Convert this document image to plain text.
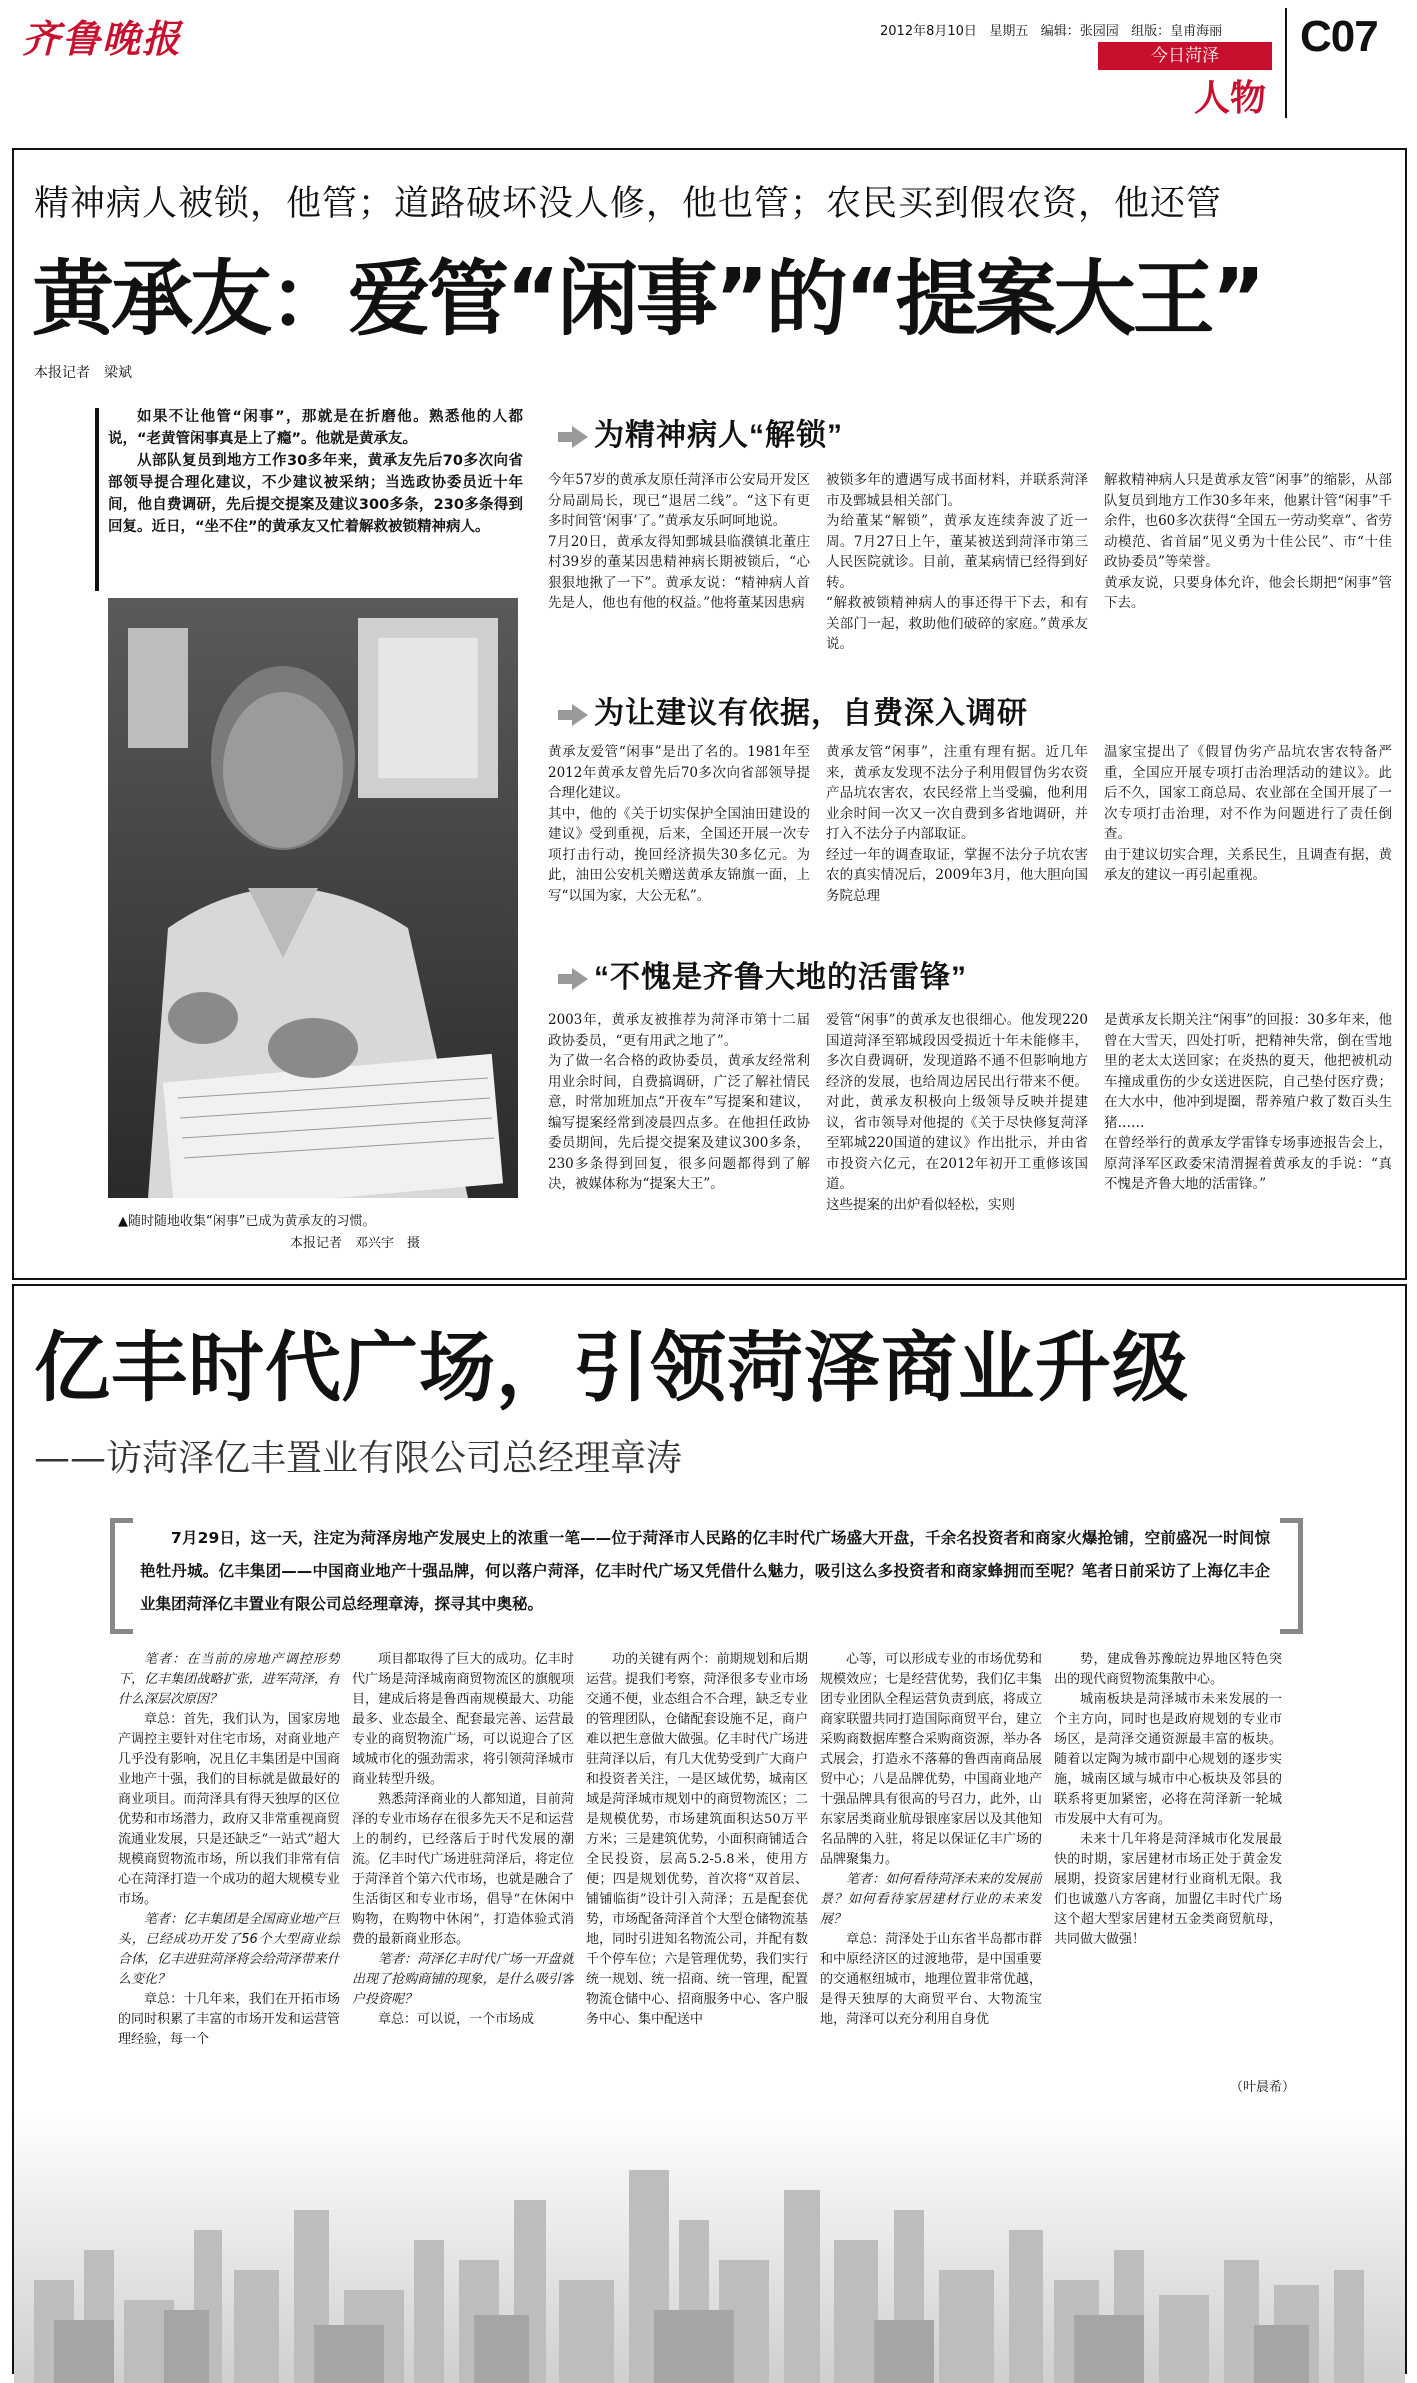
齐鲁晚报	2012年8月10日 星期五 编辑：张园园 组版：皇甫海丽
今日菏泽
人物
C07
精神病人被锁，他管；道路破坏没人修，他也管；农民买到假农资，他还管
黄承友：爱管“闲事”的“提案大王”
本报记者　梁斌

如果不让他管“闲事”，那就是在折磨他。熟悉他的人都说，“老黄管闲事真是上了瘾”。他就是黄承友。

从部队复员到地方工作30多年来，黄承友先后70多次向省部领导提合理化建议，不少建议被采纳；当选政协委员近十年间，他自费调研，先后提交提案及建议300多条，230多条得到回复。近日，“坐不住”的黄承友又忙着解救被锁精神病人。

▲随时随地收集“闲事”已成为黄承友的习惯。
本报记者　邓兴宇　摄
为精神病人“解锁”
今年57岁的黄承友原任菏泽市公安局开发区分局副局长，现已“退居二线”。“这下有更多时间管‘闲事’了。”黄承友乐呵呵地说。
7月20日，黄承友得知鄄城县临濮镇北董庄村39岁的董某因患精神病长期被锁后，“心狠狠地揪了一下”。黄承友说：“精神病人首先是人，他也有他的权益。”他将董某因患病
被锁多年的遭遇写成书面材料，并联系菏泽市及鄄城县相关部门。
为给董某“解锁”，黄承友连续奔波了近一周。7月27日上午，董某被送到菏泽市第三人民医院就诊。目前，董某病情已经得到好转。
“解救被锁精神病人的事还得干下去，和有关部门一起，救助他们破碎的家庭。”黄承友说。
解救精神病人只是黄承友管“闲事”的缩影，从部队复员到地方工作30多年来，他累计管“闲事”千余件，也60多次获得“全国五一劳动奖章”、省劳动模范、省首届“见义勇为十佳公民”、市“十佳政协委员”等荣誉。
黄承友说，只要身体允许，他会长期把“闲事”管下去。
为让建议有依据，自费深入调研
黄承友爱管“闲事”是出了名的。1981年至2012年黄承友曾先后70多次向省部领导提合理化建议。
其中，他的《关于切实保护全国油田建设的建议》受到重视，后来，全国还开展一次专项打击行动，挽回经济损失30多亿元。为此，油田公安机关赠送黄承友锦旗一面，上写“以国为家，大公无私”。
黄承友管“闲事”，注重有理有据。近几年来，黄承友发现不法分子利用假冒伪劣农资产品坑农害农，农民经常上当受骗，他利用业余时间一次又一次自费到多省地调研，并打入不法分子内部取证。
经过一年的调查取证，掌握不法分子坑农害农的真实情况后，2009年3月，他大胆向国务院总理
温家宝提出了《假冒伪劣产品坑农害农特备严重，全国应开展专项打击治理活动的建议》。此后不久，国家工商总局、农业部在全国开展了一次专项打击治理，对不作为问题进行了责任倒查。
由于建议切实合理，关系民生，且调查有据，黄承友的建议一再引起重视。
“不愧是齐鲁大地的活雷锋”
2003年，黄承友被推荐为菏泽市第十二届政协委员，“更有用武之地了”。
为了做一名合格的政协委员，黄承友经常利用业余时间，自费搞调研，广泛了解社情民意，时常加班加点“开夜车”写提案和建议，编写提案经常到凌晨四点多。在他担任政协委员期间，先后提交提案及建议300多条，230多条得到回复，很多问题都得到了解决，被媒体称为“提案大王”。
爱管“闲事”的黄承友也很细心。他发现220国道菏泽至郓城段因受损近十年未能修丰，多次自费调研，发现道路不通不但影响地方经济的发展，也给周边居民出行带来不便。对此，黄承友积极向上级领导反映并提建议，省市领导对他提的《关于尽快修复菏泽至郓城220国道的建议》作出批示，并由省市投资六亿元，在2012年初开工重修该国道。
这些提案的出炉看似轻松，实则
是黄承友长期关注“闲事”的回报：30多年来，他曾在大雪天，四处打听，把精神失常，倒在雪地里的老太太送回家；在炎热的夏天，他把被机动车撞成重伤的少女送进医院，自己垫付医疗费；在大水中，他冲到堤圈，帮养殖户救了数百头生猪……
在曾经举行的黄承友学雷锋专场事迹报告会上，原菏泽军区政委宋清渭握着黄承友的手说：“真不愧是齐鲁大地的活雷锋。”
亿丰时代广场，引领菏泽商业升级
——访菏泽亿丰置业有限公司总经理章涛
7月29日，这一天，注定为菏泽房地产发展史上的浓重一笔——位于菏泽市人民路的亿丰时代广场盛大开盘，千余名投资者和商家火爆抢铺，空前盛况一时间惊艳牡丹城。亿丰集团——中国商业地产十强品牌，何以落户菏泽，亿丰时代广场又凭借什么魅力，吸引这么多投资者和商家蜂拥而至呢？笔者日前采访了上海亿丰企业集团菏泽亿丰置业有限公司总经理章涛，探寻其中奥秘。

笔者：在当前的房地产调控形势下，亿丰集团战略扩张，进军菏泽，有什么深层次原因？

章总：首先，我们认为，国家房地产调控主要针对住宅市场，对商业地产几乎没有影响，况且亿丰集团是中国商业地产十强，我们的目标就是做最好的商业项目。而菏泽具有得天独厚的区位优势和市场潜力，政府又非常重视商贸流通业发展，只是还缺乏“一站式”超大规模商贸物流市场，所以我们非常有信心在菏泽打造一个成功的超大规模专业市场。

笔者：亿丰集团是全国商业地产巨头，已经成功开发了56个大型商业综合体，亿丰进驻菏泽将会给菏泽带来什么变化？

章总：十几年来，我们在开拓市场的同时积累了丰富的市场开发和运营管理经验，每一个

项目都取得了巨大的成功。亿丰时代广场是菏泽城南商贸物流区的旗舰项目，建成后将是鲁西南规模最大、功能最多、业态最全、配套最完善、运营最专业的商贸物流广场，可以说迎合了区域城市化的强劲需求，将引领菏泽城市商业转型升级。

熟悉菏泽商业的人都知道，目前菏泽的专业市场存在很多先天不足和运营上的制约，已经落后于时代发展的潮流。亿丰时代广场进驻菏泽后，将定位于菏泽首个第六代市场，也就是融合了生活街区和专业市场，倡导“在休闲中购物，在购物中休闲”，打造体验式消费的最新商业形态。

笔者：菏泽亿丰时代广场一开盘就出现了抢购商铺的现象，是什么吸引客户投资呢？

章总：可以说，一个市场成

功的关键有两个：前期规划和后期运营。提我们考察，菏泽很多专业市场交通不便，业态组合不合理，缺乏专业的管理团队，仓储配套设施不足，商户难以把生意做大做强。亿丰时代广场进驻菏泽以后，有几大优势受到广大商户和投资者关注，一是区域优势，城南区域是菏泽城市规划中的商贸物流区；二是规模优势，市场建筑面积达50万平方米；三是建筑优势，小面积商铺适合全民投资，层高5.2-5.8米，使用方便；四是规划优势，首次将“双首层、铺铺临街”设计引入菏泽；五是配套优势，市场配备菏泽首个大型仓储物流基地，同时引进知名物流公司，并配有数千个停车位；六是管理优势，我们实行统一规划、统一招商、统一管理，配置物流仓储中心、招商服务中心、客户服务中心、集中配送中

心等，可以形成专业的市场优势和规模效应；七是经营优势，我们亿丰集团专业团队全程运营负责到底，将成立商家联盟共同打造国际商贸平台，建立采购商数据库整合采购商资源，举办各式展会，打造永不落幕的鲁西南商品展贸中心；八是品牌优势，中国商业地产十强品牌具有很高的号召力，此外，山东家居类商业航母银座家居以及其他知名品牌的入驻，将足以保证亿丰广场的品牌聚集力。

笔者：如何看待菏泽未来的发展前景？如何看待家居建材行业的未来发展？

章总：菏泽处于山东省半岛都市群和中原经济区的过渡地带，是中国重要的交通枢纽城市，地理位置非常优越，是得天独厚的大商贸平台、大物流宝地，菏泽可以充分利用自身优

势，建成鲁苏豫皖边界地区特色突出的现代商贸物流集散中心。

城南板块是菏泽城市未来发展的一个主方向，同时也是政府规划的专业市场区，是菏泽交通资源最丰富的板块。随着以定陶为城市副中心规划的逐步实施，城南区域与城市中心板块及邻县的联系将更加紧密，必将在菏泽新一轮城市发展中大有可为。

未来十几年将是菏泽城市化发展最快的时期，家居建材市场正处于黄金发展期，投资家居建材行业商机无限。我们也诚邀八方客商，加盟亿丰时代广场这个超大型家居建材五金类商贸航母，共同做大做强！

（叶晨希）
